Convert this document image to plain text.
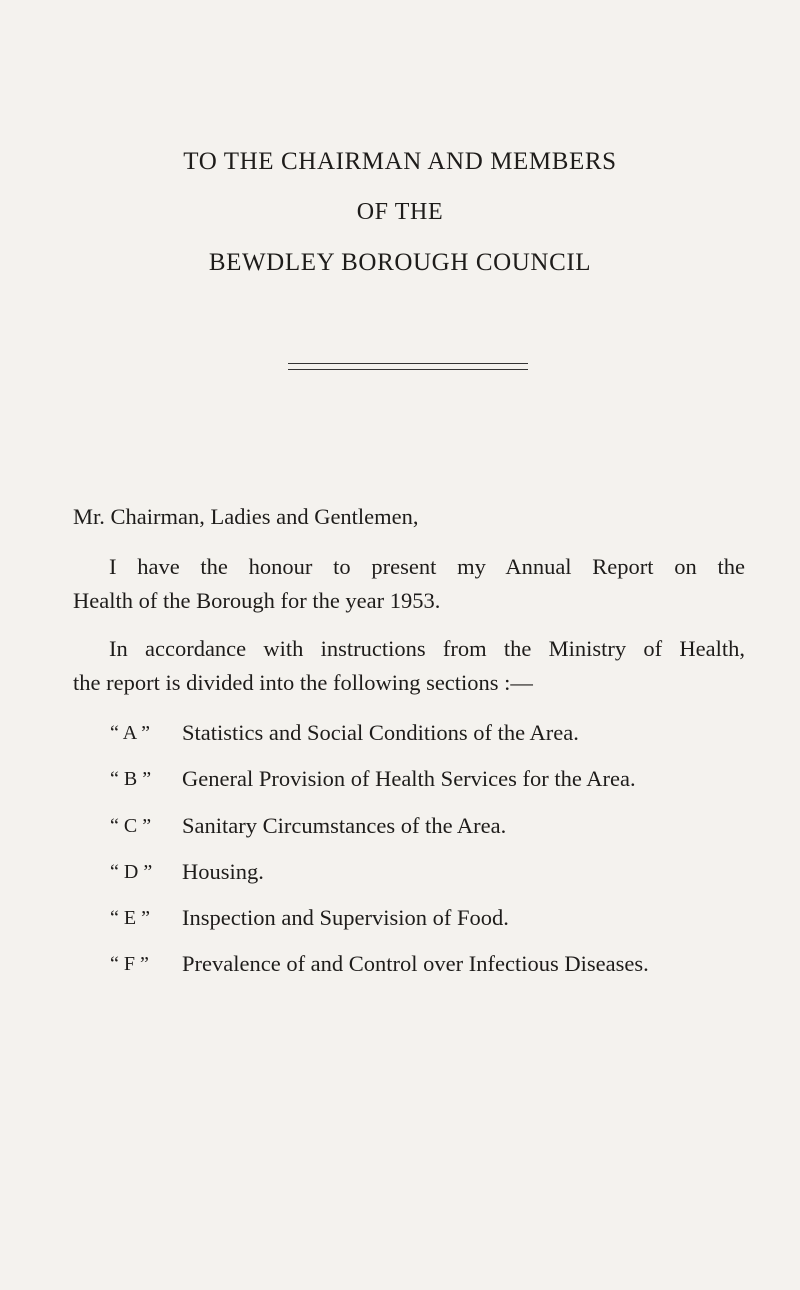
TO THE CHAIRMAN AND MEMBERS
OF THE
BEWDLEY BOROUGH COUNCIL
Mr. Chairman, Ladies and Gentlemen,
I have the honour to present my Annual Report on the
Health of the Borough for the year 1953.
In accordance with instructions from the Ministry of Health,
the report is divided into the following sections :—
“ A ”	Statistics and Social Conditions of the Area.
“ B ”	General Provision of Health Services for the Area.
“ C ”	Sanitary Circumstances of the Area.
“ D ”	Housing.
“ E ”	Inspection and Supervision of Food.
“ F ”	Prevalence of and Control over Infectious Diseases.
